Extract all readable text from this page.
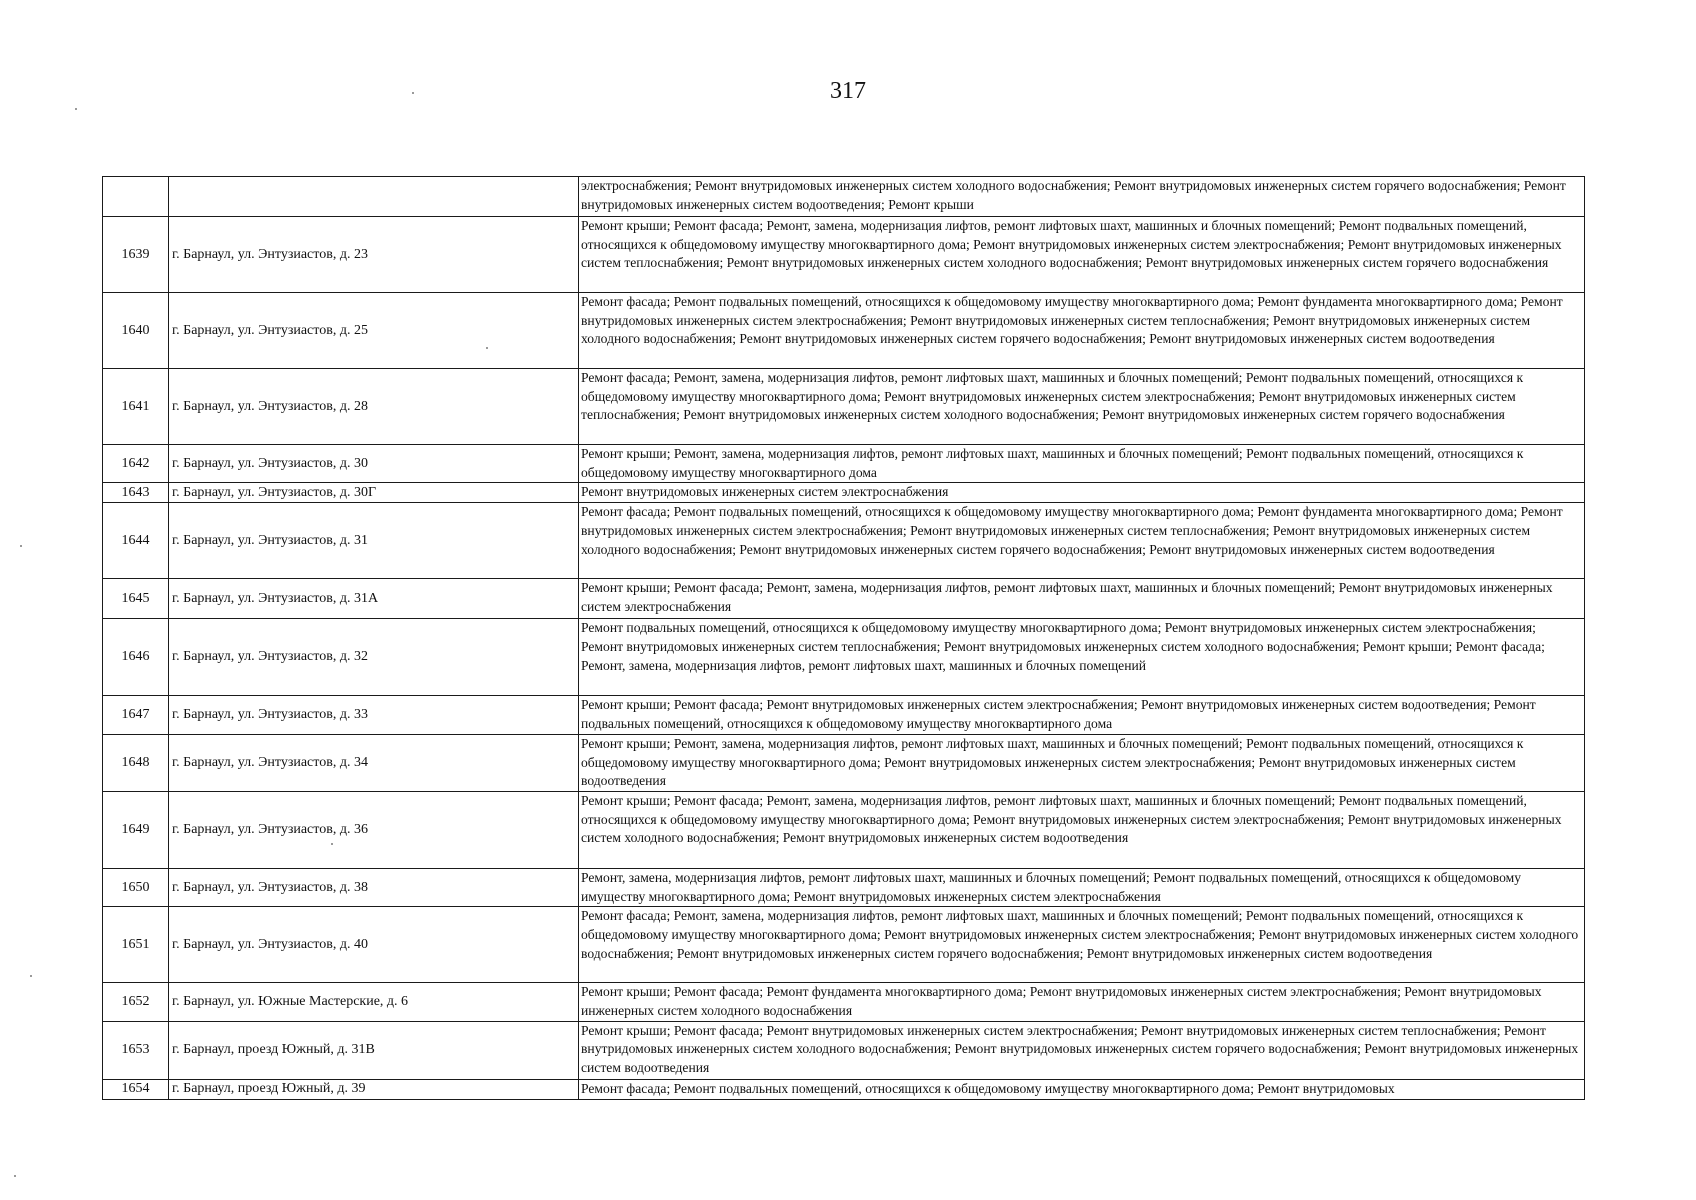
317
		электроснабжения; Ремонт внутридомовых инженерных систем холодного водоснабжения; Ремонт внутридомовых инженерных систем горячего водоснабжения; Ремонт внутридомовых инженерных систем водоотведения; Ремонт крыши
1639	г. Барнаул, ул. Энтузиастов, д. 23	Ремонт крыши; Ремонт фасада; Ремонт, замена, модернизация лифтов, ремонт лифтовых шахт, машинных и блочных помещений; Ремонт подвальных помещений, относящихся к общедомовому имуществу многоквартирного дома; Ремонт внутридомовых инженерных систем электроснабжения; Ремонт внутридомовых инженерных систем теплоснабжения; Ремонт внутридомовых инженерных систем холодного водоснабжения; Ремонт внутридомовых инженерных систем горячего водоснабжения
1640	г. Барнаул, ул. Энтузиастов, д. 25	Ремонт фасада; Ремонт подвальных помещений, относящихся к общедомовому имуществу многоквартирного дома; Ремонт фундамента многоквартирного дома; Ремонт внутридомовых инженерных систем электроснабжения; Ремонт внутридомовых инженерных систем теплоснабжения; Ремонт внутридомовых инженерных систем холодного водоснабжения; Ремонт внутридомовых инженерных систем горячего водоснабжения; Ремонт внутридомовых инженерных систем водоотведения
1641	г. Барнаул, ул. Энтузиастов, д. 28	Ремонт фасада; Ремонт, замена, модернизация лифтов, ремонт лифтовых шахт, машинных и блочных помещений; Ремонт подвальных помещений, относящихся к общедомовому имуществу многоквартирного дома; Ремонт внутридомовых инженерных систем электроснабжения; Ремонт внутридомовых инженерных систем теплоснабжения; Ремонт внутридомовых инженерных систем холодного водоснабжения; Ремонт внутридомовых инженерных систем горячего водоснабжения
1642	г. Барнаул, ул. Энтузиастов, д. 30	Ремонт крыши; Ремонт, замена, модернизация лифтов, ремонт лифтовых шахт, машинных и блочных помещений; Ремонт подвальных помещений, относящихся к общедомовому имуществу многоквартирного дома
1643	г. Барнаул, ул. Энтузиастов, д. 30Г	Ремонт внутридомовых инженерных систем электроснабжения
1644	г. Барнаул, ул. Энтузиастов, д. 31	Ремонт фасада; Ремонт подвальных помещений, относящихся к общедомовому имуществу многоквартирного дома; Ремонт фундамента многоквартирного дома; Ремонт внутридомовых инженерных систем электроснабжения; Ремонт внутридомовых инженерных систем теплоснабжения; Ремонт внутридомовых инженерных систем холодного водоснабжения; Ремонт внутридомовых инженерных систем горячего водоснабжения; Ремонт внутридомовых инженерных систем водоотведения
1645	г. Барнаул, ул. Энтузиастов, д. 31А	Ремонт крыши; Ремонт фасада; Ремонт, замена, модернизация лифтов, ремонт лифтовых шахт, машинных и блочных помещений; Ремонт внутридомовых инженерных систем электроснабжения
1646	г. Барнаул, ул. Энтузиастов, д. 32	Ремонт подвальных помещений, относящихся к общедомовому имуществу многоквартирного дома; Ремонт внутридомовых инженерных систем электроснабжения; Ремонт внутридомовых инженерных систем теплоснабжения; Ремонт внутридомовых инженерных систем холодного водоснабжения; Ремонт крыши; Ремонт фасада; Ремонт, замена, модернизация лифтов, ремонт лифтовых шахт, машинных и блочных помещений
1647	г. Барнаул, ул. Энтузиастов, д. 33	Ремонт крыши; Ремонт фасада; Ремонт внутридомовых инженерных систем электроснабжения; Ремонт внутридомовых инженерных систем водоотведения; Ремонт подвальных помещений, относящихся к общедомовому имуществу многоквартирного дома
1648	г. Барнаул, ул. Энтузиастов, д. 34	Ремонт крыши; Ремонт, замена, модернизация лифтов, ремонт лифтовых шахт, машинных и блочных помещений; Ремонт подвальных помещений, относящихся к общедомовому имуществу многоквартирного дома; Ремонт внутридомовых инженерных систем электроснабжения; Ремонт внутридомовых инженерных систем водоотведения
1649	г. Барнаул, ул. Энтузиастов, д. 36	Ремонт крыши; Ремонт фасада; Ремонт, замена, модернизация лифтов, ремонт лифтовых шахт, машинных и блочных помещений; Ремонт подвальных помещений, относящихся к общедомовому имуществу многоквартирного дома; Ремонт внутридомовых инженерных систем электроснабжения; Ремонт внутридомовых инженерных систем холодного водоснабжения; Ремонт внутридомовых инженерных систем водоотведения
1650	г. Барнаул, ул. Энтузиастов, д. 38	Ремонт, замена, модернизация лифтов, ремонт лифтовых шахт, машинных и блочных помещений; Ремонт подвальных помещений, относящихся к общедомовому имуществу многоквартирного дома; Ремонт внутридомовых инженерных систем электроснабжения
1651	г. Барнаул, ул. Энтузиастов, д. 40	Ремонт фасада; Ремонт, замена, модернизация лифтов, ремонт лифтовых шахт, машинных и блочных помещений; Ремонт подвальных помещений, относящихся к общедомовому имуществу многоквартирного дома; Ремонт внутридомовых инженерных систем электроснабжения; Ремонт внутридомовых инженерных систем холодного водоснабжения; Ремонт внутридомовых инженерных систем горячего водоснабжения; Ремонт внутридомовых инженерных систем водоотведения
1652	г. Барнаул, ул. Южные Мастерские, д. 6	Ремонт крыши; Ремонт фасада; Ремонт фундамента многоквартирного дома; Ремонт внутридомовых инженерных систем электроснабжения; Ремонт внутридомовых инженерных систем холодного водоснабжения
1653	г. Барнаул, проезд Южный, д. 31В	Ремонт крыши; Ремонт фасада; Ремонт внутридомовых инженерных систем электроснабжения; Ремонт внутридомовых инженерных систем теплоснабжения; Ремонт внутридомовых инженерных систем холодного водоснабжения; Ремонт внутридомовых инженерных систем горячего водоснабжения; Ремонт внутридомовых инженерных систем водоотведения
1654	г. Барнаул, проезд Южный, д. 39	Ремонт фасада; Ремонт подвальных помещений, относящихся к общедомовому имуществу многоквартирного дома; Ремонт внутридомовых
